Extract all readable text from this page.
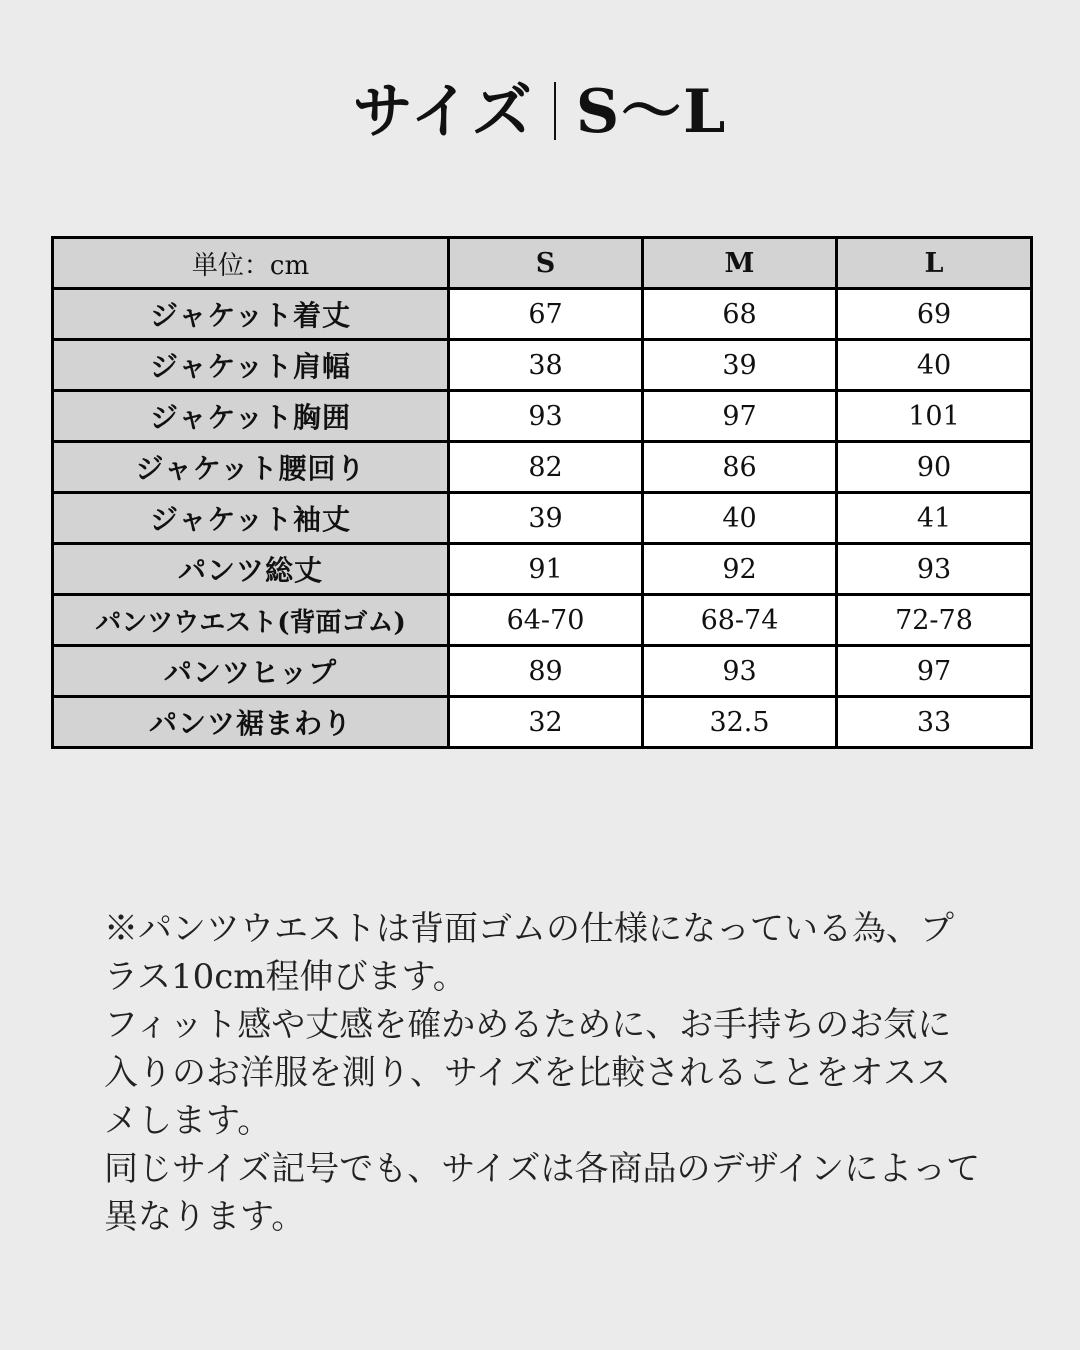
サイズ S〜L
単位：cm	S	M	L
ジャケット着丈	67	68	69
ジャケット肩幅	38	39	40
ジャケット胸囲	93	97	101
ジャケット腰回り	82	86	90
ジャケット袖丈	39	40	41
パンツ総丈	91	92	93
パンツウエスト(背面ゴム)	64-70	68-74	72-78
パンツヒップ	89	93	97
パンツ裾まわり	32	32.5	33

※パンツウエストは背面ゴムの仕様になっている為、プラス10cm程伸びます。

フィット感や丈感を確かめるために、お手持ちのお気に入りのお洋服を測り、サイズを比較されることをオススメします。

同じサイズ記号でも、サイズは各商品のデザインによって異なります。
